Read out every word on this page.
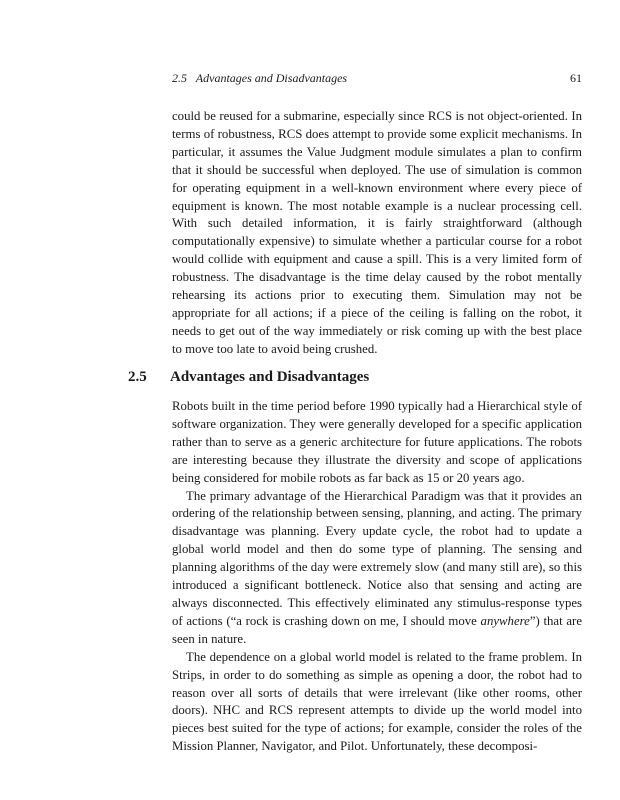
2.5   Advantages and Disadvantages	61

could be reused for a submarine, especially since RCS is not object-oriented. In terms of robustness, RCS does attempt to provide some explicit mechanisms. In particular, it assumes the Value Judgment module simulates a plan to confirm that it should be successful when deployed. The use of simulation is common for operating equipment in a well-known environment where every piece of equipment is known. The most notable example is a nuclear processing cell. With such detailed information, it is fairly straightforward (although computationally expensive) to simulate whether a particular course for a robot would collide with equipment and cause a spill. This is a very limited form of robustness. The disadvantage is the time delay caused by the robot mentally rehearsing its actions prior to executing them. Simulation may not be appropriate for all actions; if a piece of the ceiling is falling on the robot, it needs to get out of the way immediately or risk coming up with the best place to move too late to avoid being crushed.

2.5 Advantages and Disadvantages

Robots built in the time period before 1990 typically had a Hierarchical style of software organization. They were generally developed for a specific application rather than to serve as a generic architecture for future applications. The robots are interesting because they illustrate the diversity and scope of applications being considered for mobile robots as far back as 15 or 20 years ago.

The primary advantage of the Hierarchical Paradigm was that it provides an ordering of the relationship between sensing, planning, and acting. The primary disadvantage was planning. Every update cycle, the robot had to update a global world model and then do some type of planning. The sensing and planning algorithms of the day were extremely slow (and many still are), so this introduced a significant bottleneck. Notice also that sensing and acting are always disconnected. This effectively eliminated any stimulus-response types of actions (“a rock is crashing down on me, I should move anywhere”) that are seen in nature.

The dependence on a global world model is related to the frame problem. In Strips, in order to do something as simple as opening a door, the robot had to reason over all sorts of details that were irrelevant (like other rooms, other doors). NHC and RCS represent attempts to divide up the world model into pieces best suited for the type of actions; for example, consider the roles of the Mission Planner, Navigator, and Pilot. Unfortunately, these decomposi-
